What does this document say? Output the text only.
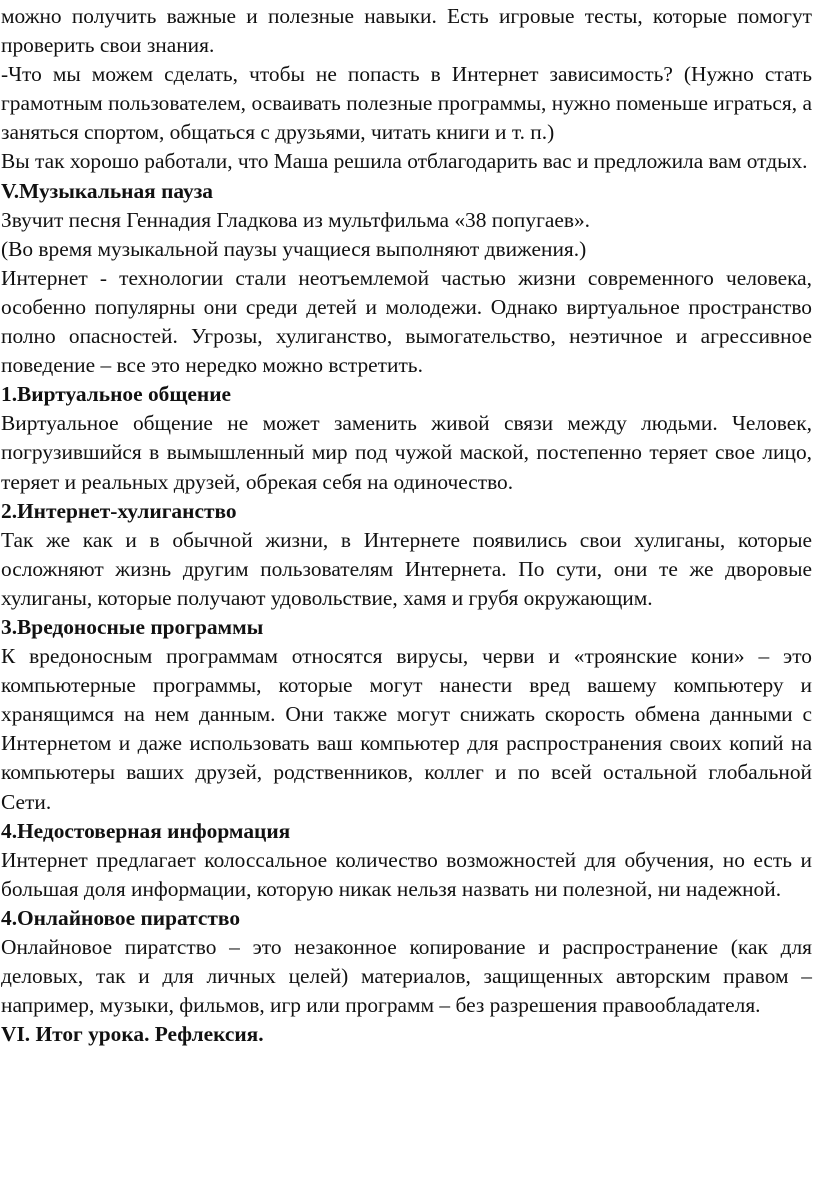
можно получить важные и полезные навыки. Есть игровые тесты, которые помогут проверить свои знания.

-Что мы можем сделать, чтобы не попасть в Интернет зависимость? (Нужно стать грамотным пользователем, осваивать полезные программы, нужно поменьше играться, а заняться спортом, общаться с друзьями, читать книги и т. п.)

Вы так хорошо работали, что Маша решила отблагодарить вас и предложила вам отдых.

V.Музыкальная пауза

Звучит песня Геннадия Гладкова из мультфильма «38 попугаев».

(Во время музыкальной паузы учащиеся выполняют движения.)

Интернет - технологии стали неотъемлемой частью жизни современного человека, особенно популярны они среди детей и молодежи. Однако виртуальное пространство полно опасностей. Угрозы, хулиганство, вымогательство, неэтичное и агрессивное поведение – все это нередко можно встретить.

1.Виртуальное общение

Виртуальное общение не может заменить живой связи между людьми. Человек, погрузившийся в вымышленный мир под чужой маской, постепенно теряет свое лицо, теряет и реальных друзей, обрекая себя на одиночество.

2.Интернет-хулиганство

Так же как и в обычной жизни, в Интернете появились свои хулиганы, которые осложняют жизнь другим пользователям Интернета. По сути, они те же дворовые хулиганы, которые получают удовольствие, хамя и грубя окружающим.

3.Вредоносные программы

К вредоносным программам относятся вирусы, черви и «троянские кони» – это компьютерные программы, которые могут нанести вред вашему компьютеру и хранящимся на нем данным. Они также могут снижать скорость обмена данными с Интернетом и даже использовать ваш компьютер для распространения своих копий на компьютеры ваших друзей, родственников, коллег и по всей остальной глобальной Сети.

4.Недостоверная информация

Интернет предлагает колоссальное количество возможностей для обучения, но есть и большая доля информации, которую никак нельзя назвать ни полезной, ни надежной.

4.Онлайновое пиратство

Онлайновое пиратство – это незаконное копирование и распространение (как для деловых, так и для личных целей) материалов, защищенных авторским правом – например, музыки, фильмов, игр или программ – без разрешения правообладателя.

VI. Итог урока. Рефлексия.
